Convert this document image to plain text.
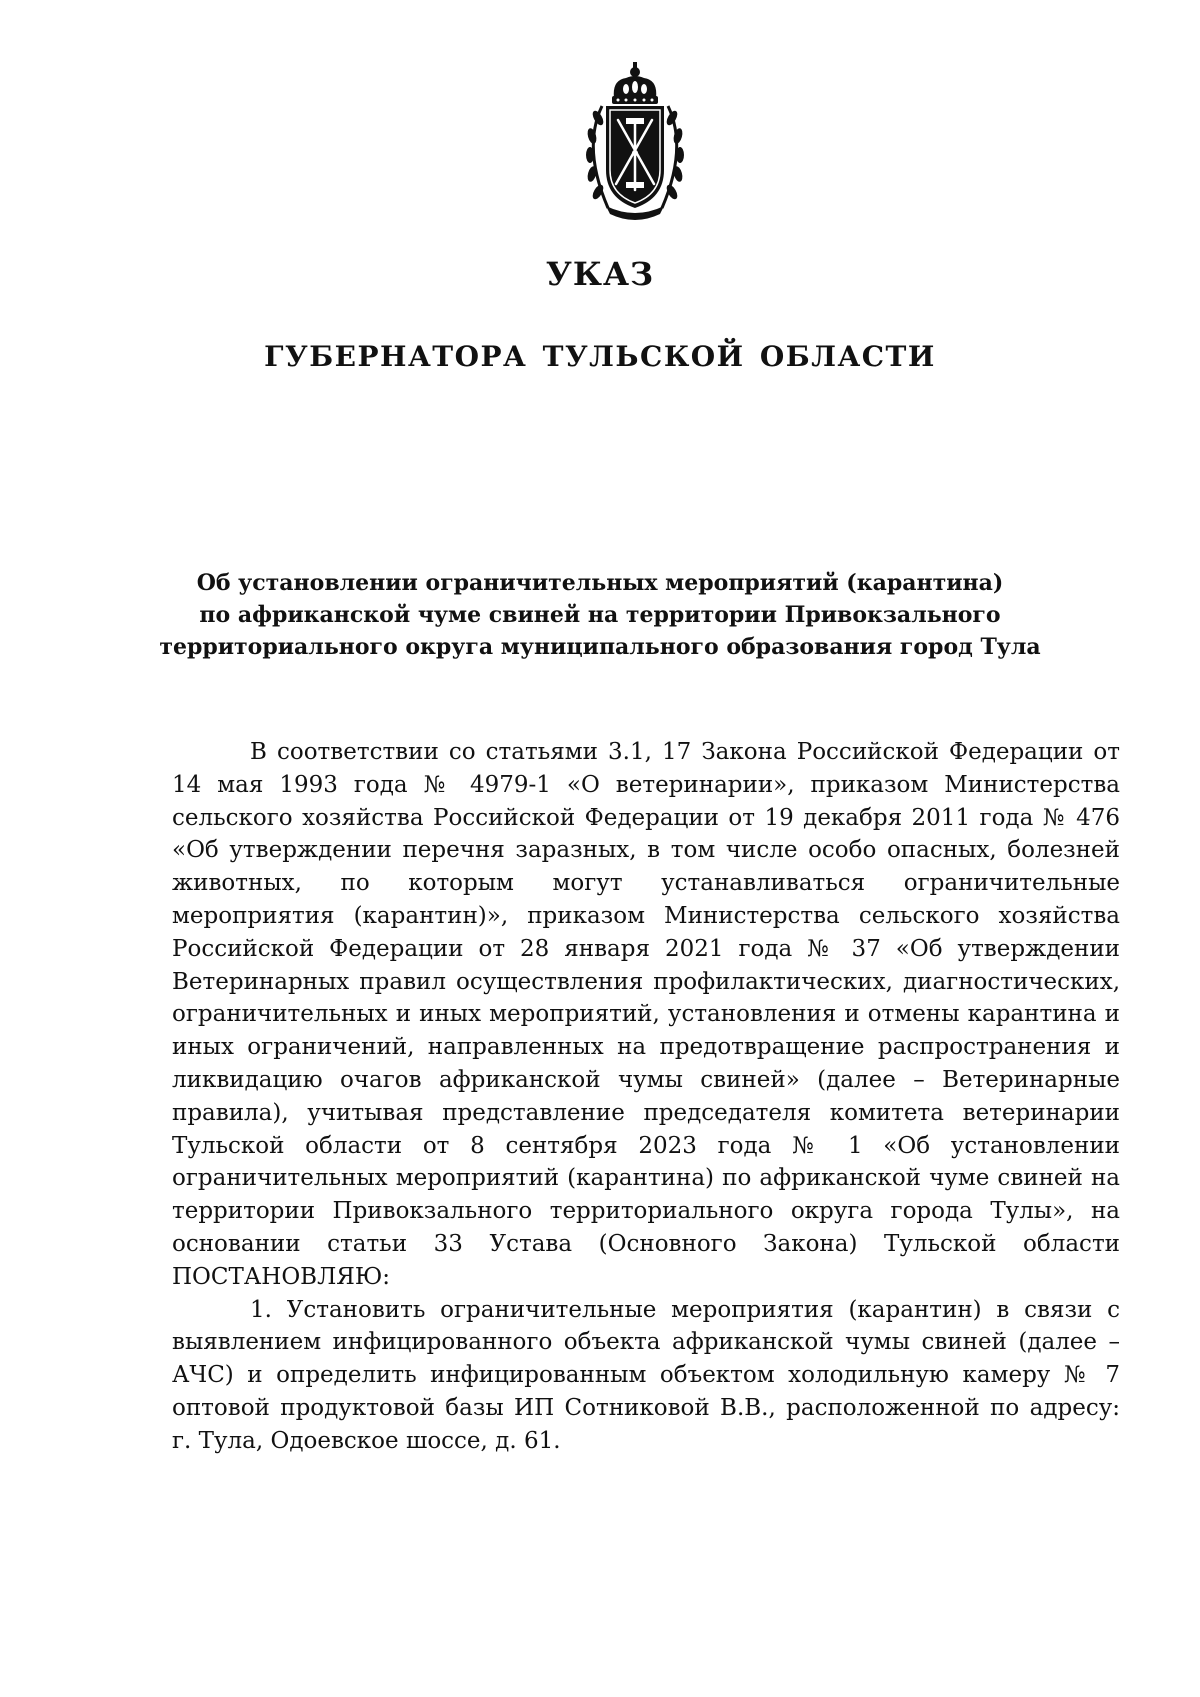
УКАЗ
ГУБЕРНАТОРА ТУЛЬСКОЙ ОБЛАСТИ
Об установлении ограничительных мероприятий (карантина)
по африканской чуме свиней на территории Привокзального
территориального округа муниципального образования город Тула

В соответствии со статьями 3.1, 17 Закона Российской Федерации от 14 мая 1993 года № 4979-1 «О ветеринарии», приказом Министерства сельского хозяйства Российской Федерации от 19 декабря 2011 года № 476 «Об утверждении перечня заразных, в том числе особо опасных, болезней животных, по которым могут устанавливаться ограничительные мероприятия (карантин)», приказом Министерства сельского хозяйства Российской Федерации от 28 января 2021 года № 37 «Об утверждении Ветеринарных правил осуществления профилактических, диагностических, ограничительных и иных мероприятий, установления и отмены карантина и иных ограничений, направленных на предотвращение распространения и ликвидацию очагов африканской чумы свиней» (далее – Ветеринарные правила), учитывая представление председателя комитета ветеринарии Тульской области от 8 сентября 2023 года № 1 «Об установлении ограничительных мероприятий (карантина) по африканской чуме свиней на территории Привокзального территориального округа города Тулы», на основании статьи 33 Устава (Основного Закона) Тульской области ПОСТАНОВЛЯЮ:

1. Установить ограничительные мероприятия (карантин) в связи с выявлением инфицированного объекта африканской чумы свиней (далее – АЧС) и определить инфицированным объектом холодильную камеру № 7 оптовой продуктовой базы ИП Сотниковой В.В., расположенной по адресу: г. Тула, Одоевское шоссе, д. 61.
